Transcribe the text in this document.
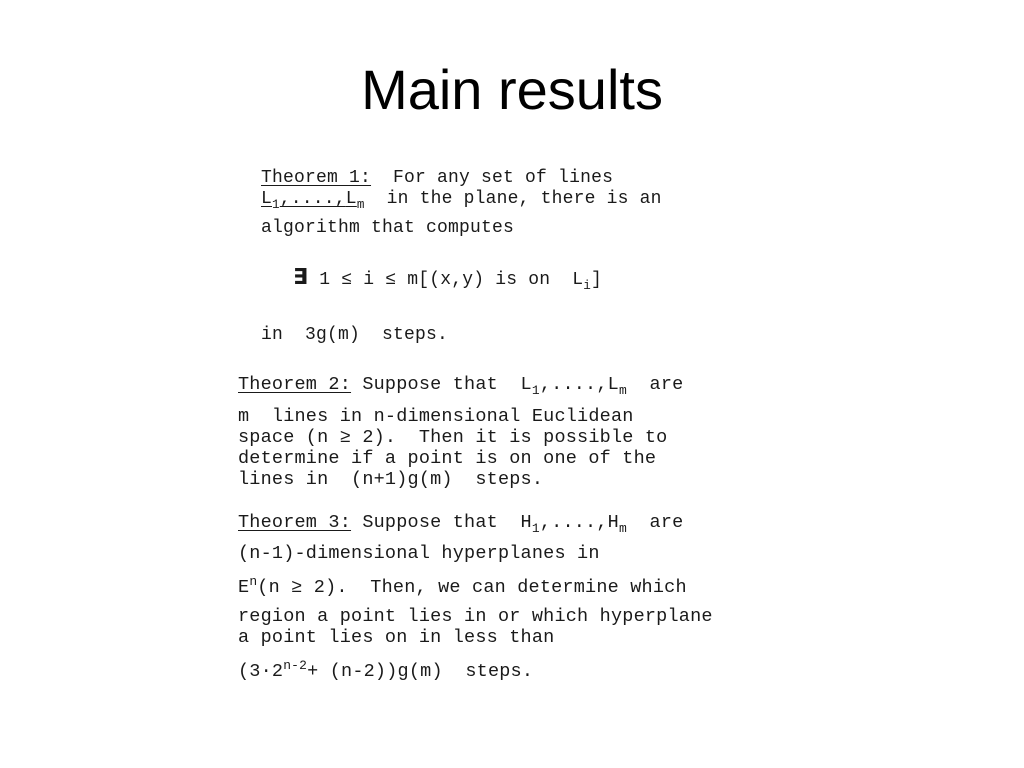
Main results

Theorem 1:  For any set of lines

$L_1,....,L_m$  in the plane, there is an

algorithm that computes

∃ 1 ≤ i ≤ m[(x,y) is on  $L_i$]

in  3g(m)  steps.

Theorem 2: Suppose that  $L_1,....,L_m$  are

m  lines in n-dimensional Euclidean

space (n ≥ 2).  Then it is possible to

determine if a point is on one of the

lines in  (n+1)g(m)  steps.

Theorem 3: Suppose that  $H_1,....,H_m$  are

(n-1)-dimensional hyperplanes in

$E^n(n \ge 2)$.  Then, we can determine which

region a point lies in or which hyperplane

a point lies on in less than

$(3\cdot 2^{n-2}+ (n-2))g(m)$  steps.
